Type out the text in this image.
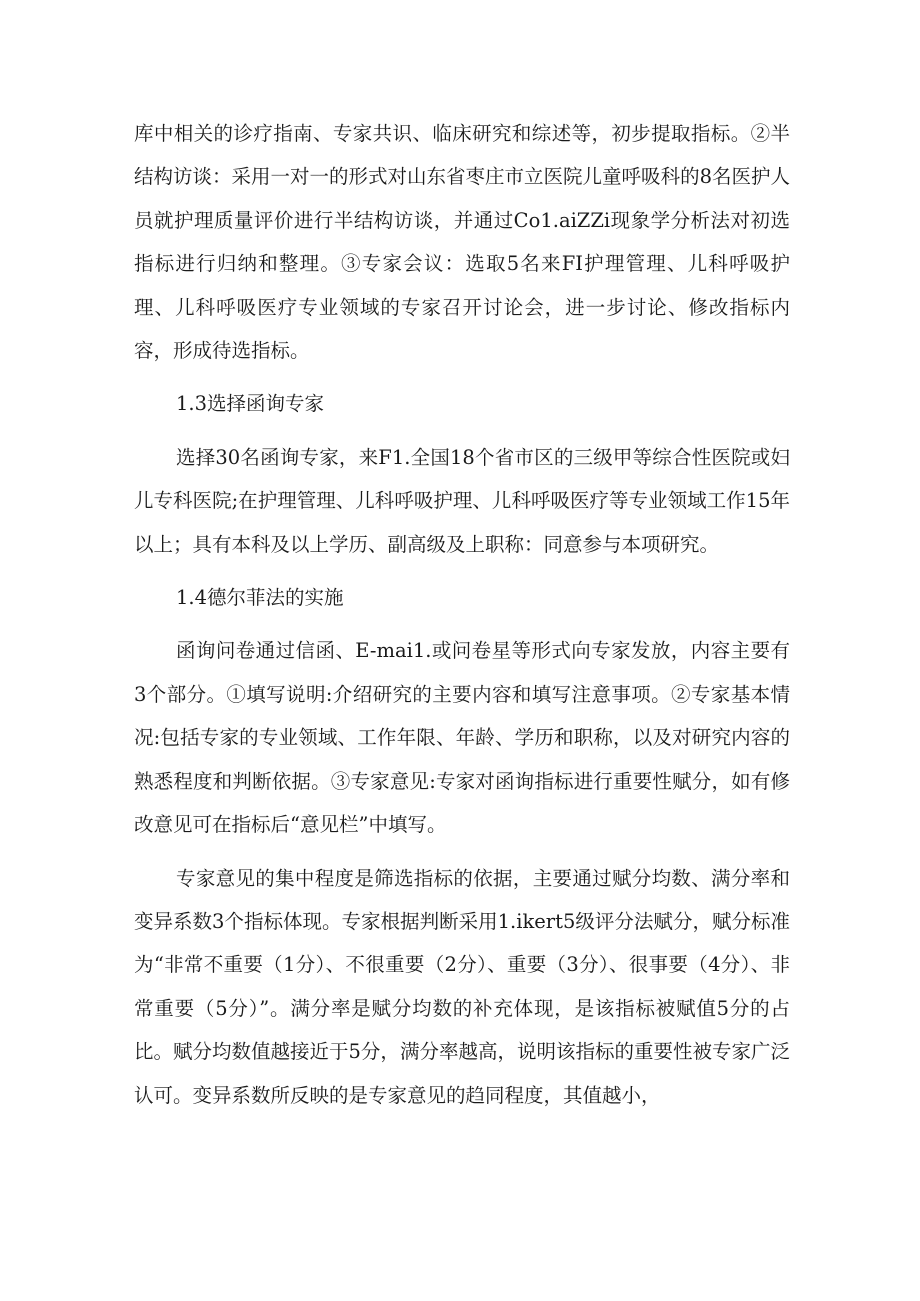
库中相关的诊疗指南、专家共识、临床研究和综述等，初步提取指标。②半结构访谈：采用一对一的形式对山东省枣庄市立医院儿童呼吸科的8名医护人员就护理质量评价进行半结构访谈，并通过Co1.aiZZi现象学分析法对初选指标进行归纳和整理。③专家会议：选取5名来FI护理管理、儿科呼吸护理、儿科呼吸医疗专业领域的专家召开讨论会，进一步讨论、修改指标内容，形成待选指标。

1.3选择函询专家

选择30名函询专家，来F1.全国18个省市区的三级甲等综合性医院或妇儿专科医院;在护理管理、儿科呼吸护理、儿科呼吸医疗等专业领域工作15年以上；具有本科及以上学历、副高级及上职称：同意参与本项研究。

1.4德尔菲法的实施

函询问卷通过信函、E-mai1.或问卷星等形式向专家发放，内容主要有3个部分。①填写说明:介绍研究的主要内容和填写注意事项。②专家基本情况:包括专家的专业领域、工作年限、年龄、学历和职称，以及对研究内容的熟悉程度和判断依据。③专家意见:专家对函询指标进行重要性赋分，如有修改意见可在指标后“意见栏”中填写。

专家意见的集中程度是筛选指标的依据，主要通过赋分均数、满分率和变异系数3个指标体现。专家根据判断采用1.ikert5级评分法赋分，赋分标准为“非常不重要（1分）、不很重要（2分）、重要（3分）、很事要（4分）、非常重要（5分）”。满分率是赋分均数的补充体现，是该指标被赋值5分的占比。赋分均数值越接近于5分，满分率越高，说明该指标的重要性被专家广泛认可。变异系数所反映的是专家意见的趋同程度，其值越小，
